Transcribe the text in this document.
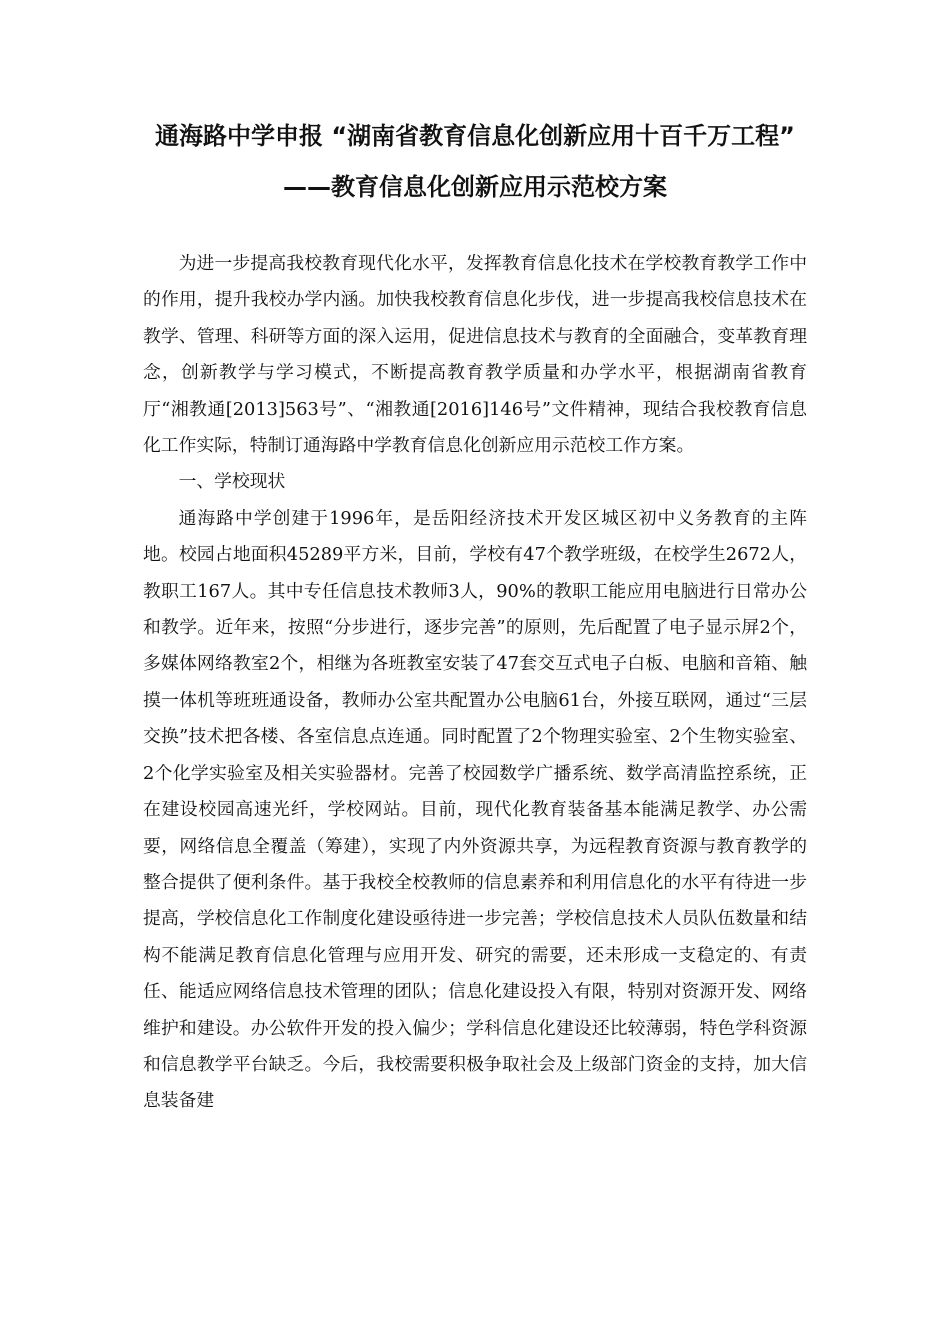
通海路中学申报 “湖南省教育信息化创新应用十百千万工程”
——教育信息化创新应用示范校方案

为进一步提高我校教育现代化水平，发挥教育信息化技术在学校教育教学工作中的作用，提升我校办学内涵。加快我校教育信息化步伐，进一步提高我校信息技术在教学、管理、科研等方面的深入运用，促进信息技术与教育的全面融合，变革教育理念，创新教学与学习模式，不断提高教育教学质量和办学水平，根据湖南省教育厅“湘教通[2013]563号”、“湘教通[2016]146号”文件精神，现结合我校教育信息化工作实际，特制订通海路中学教育信息化创新应用示范校工作方案。

一、学校现状

通海路中学创建于1996年，是岳阳经济技术开发区城区初中义务教育的主阵地。校园占地面积45289平方米，目前，学校有47个教学班级，在校学生2672人，教职工167人。其中专任信息技术教师3人，90%的教职工能应用电脑进行日常办公和教学。近年来，按照“分步进行，逐步完善”的原则，先后配置了电子显示屏2个，多媒体网络教室2个，相继为各班教室安装了47套交互式电子白板、电脑和音箱、触摸一体机等班班通设备，教师办公室共配置办公电脑61台，外接互联网，通过“三层交换”技术把各楼、各室信息点连通。同时配置了2个物理实验室、2个生物实验室、2个化学实验室及相关实验器材。完善了校园数学广播系统、数学高清监控系统，正在建设校园高速光纤，学校网站。目前，现代化教育装备基本能满足教学、办公需要，网络信息全覆盖（筹建），实现了内外资源共享，为远程教育资源与教育教学的整合提供了便利条件。基于我校全校教师的信息素养和利用信息化的水平有待进一步提高，学校信息化工作制度化建设亟待进一步完善；学校信息技术人员队伍数量和结构不能满足教育信息化管理与应用开发、研究的需要，还未形成一支稳定的、有责任、能适应网络信息技术管理的团队；信息化建设投入有限，特别对资源开发、网络维护和建设。办公软件开发的投入偏少；学科信息化建设还比较薄弱，特色学科资源和信息教学平台缺乏。今后，我校需要积极争取社会及上级部门资金的支持，加大信息装备建
